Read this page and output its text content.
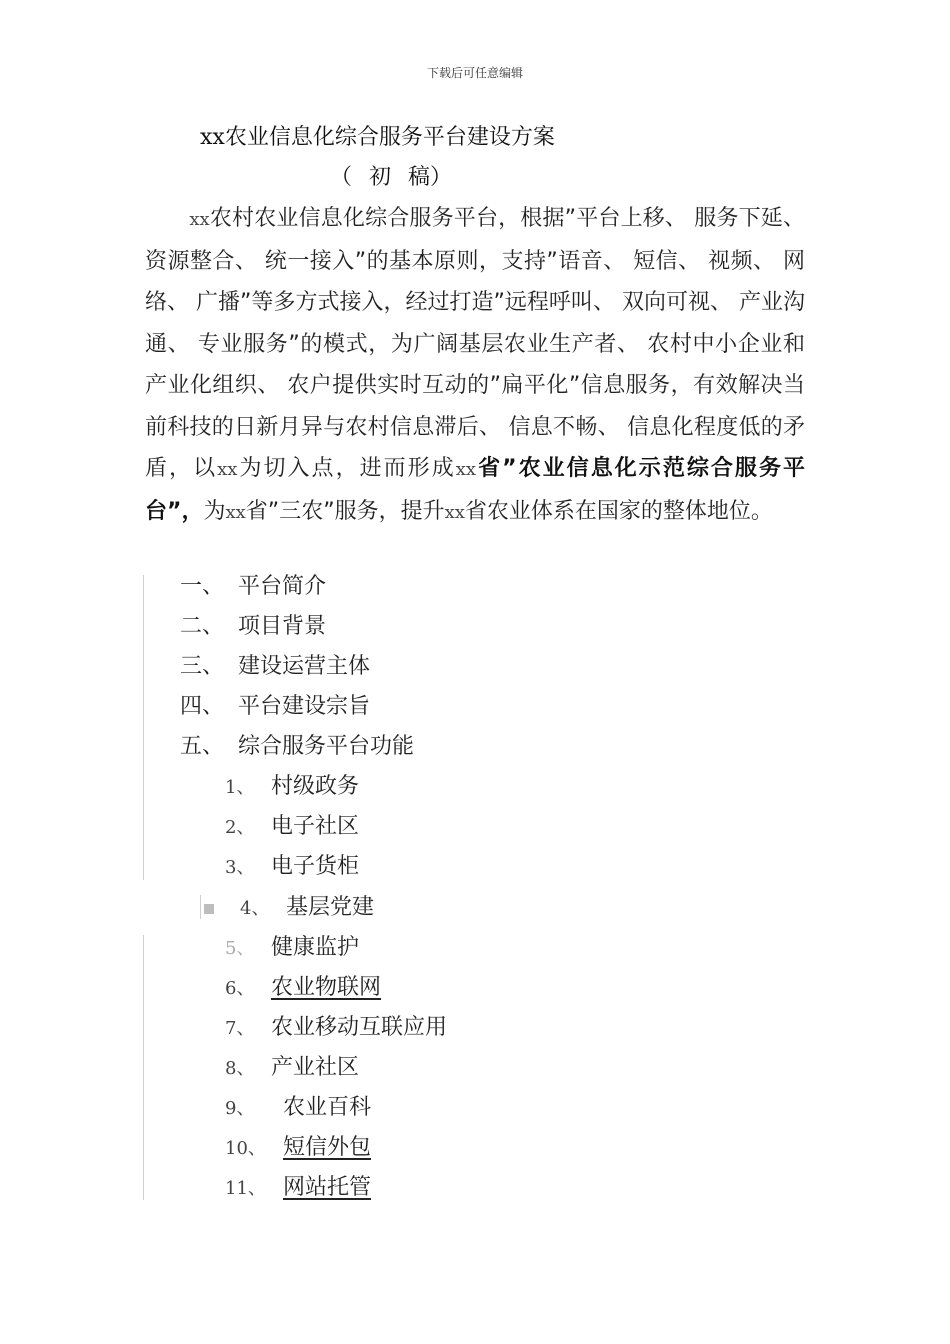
下载后可任意编辑
xx农业信息化综合服务平台建设方案
（ 初 稿）
　　xx农村农业信息化综合服务平台，根据”平台上移、 服务下延、 资源整合、 统一接入”的基本原则，支持”语音、 短信、 视频、 网络、 广播”等多方式接入，经过打造”远程呼叫、 双向可视、 产业沟通、 专业服务”的模式，为广阔基层农业生产者、 农村中小企业和产业化组织、 农户提供实时互动的”扁平化”信息服务，有效解决当前科技的日新月异与农村信息滞后、 信息不畅、 信息化程度低的矛盾，以xx为切入点，进而形成xx省”农业信息化示范综合服务平台”，为xx省”三农”服务，提升xx省农业体系在国家的整体地位。
一、 平台简介
二、 项目背景
三、 建设运营主体
四、 平台建设宗旨
五、 综合服务平台功能
1、 村级政务
2、 电子社区
3、 电子货柜
4、 基层党建
5、 健康监护
6、 农业物联网
7、 农业移动互联应用
8、 产业社区
9、 农业百科
10、 短信外包
11、 网站托管
